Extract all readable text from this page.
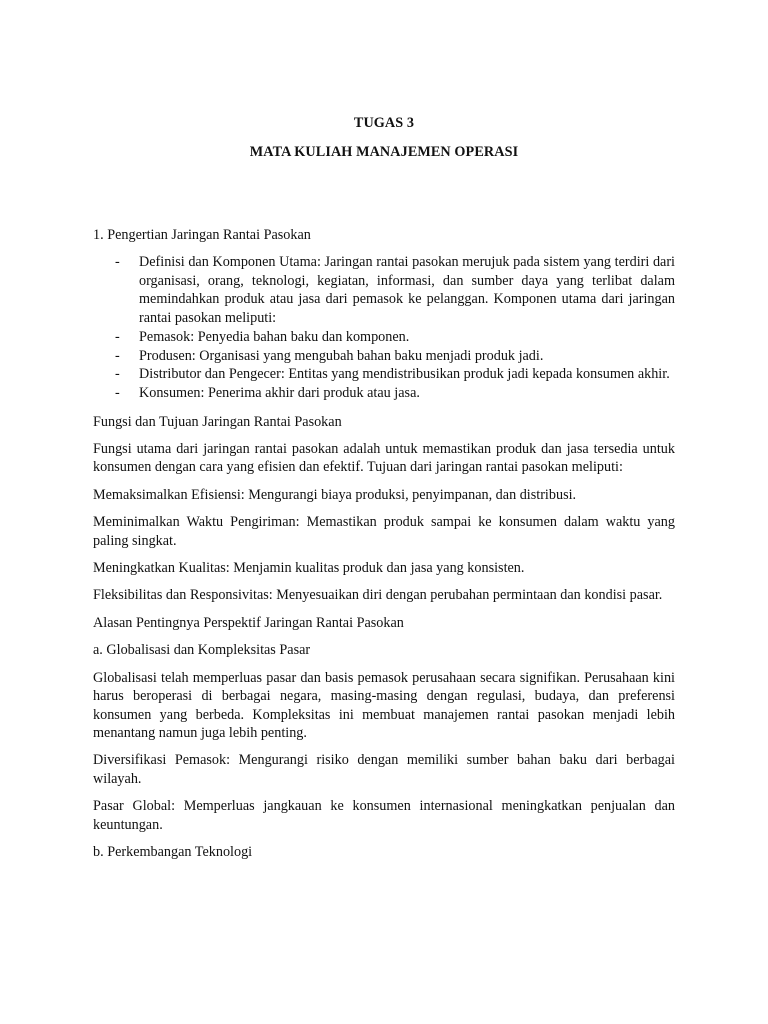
TUGAS 3
MATA KULIAH MANAJEMEN OPERASI
1. Pengertian Jaringan Rantai Pasokan
- Definisi dan Komponen Utama: Jaringan rantai pasokan merujuk pada sistem yang terdiri dari organisasi, orang, teknologi, kegiatan, informasi, dan sumber daya yang terlibat dalam memindahkan produk atau jasa dari pemasok ke pelanggan. Komponen utama dari jaringan rantai pasokan meliputi:
- Pemasok: Penyedia bahan baku dan komponen.
- Produsen: Organisasi yang mengubah bahan baku menjadi produk jadi.
- Distributor dan Pengecer: Entitas yang mendistribusikan produk jadi kepada konsumen akhir.
- Konsumen: Penerima akhir dari produk atau jasa.

Fungsi dan Tujuan Jaringan Rantai Pasokan

Fungsi utama dari jaringan rantai pasokan adalah untuk memastikan produk dan jasa tersedia untuk konsumen dengan cara yang efisien dan efektif. Tujuan dari jaringan rantai pasokan meliputi:

Memaksimalkan Efisiensi: Mengurangi biaya produksi, penyimpanan, dan distribusi.

Meminimalkan Waktu Pengiriman: Memastikan produk sampai ke konsumen dalam waktu yang paling singkat.

Meningkatkan Kualitas: Menjamin kualitas produk dan jasa yang konsisten.

Fleksibilitas dan Responsivitas: Menyesuaikan diri dengan perubahan permintaan dan kondisi pasar.

Alasan Pentingnya Perspektif Jaringan Rantai Pasokan

a. Globalisasi dan Kompleksitas Pasar

Globalisasi telah memperluas pasar dan basis pemasok perusahaan secara signifikan. Perusahaan kini harus beroperasi di berbagai negara, masing-masing dengan regulasi, budaya, dan preferensi konsumen yang berbeda. Kompleksitas ini membuat manajemen rantai pasokan menjadi lebih menantang namun juga lebih penting.

Diversifikasi Pemasok: Mengurangi risiko dengan memiliki sumber bahan baku dari berbagai wilayah.

Pasar Global: Memperluas jangkauan ke konsumen internasional meningkatkan penjualan dan keuntungan.

b. Perkembangan Teknologi
